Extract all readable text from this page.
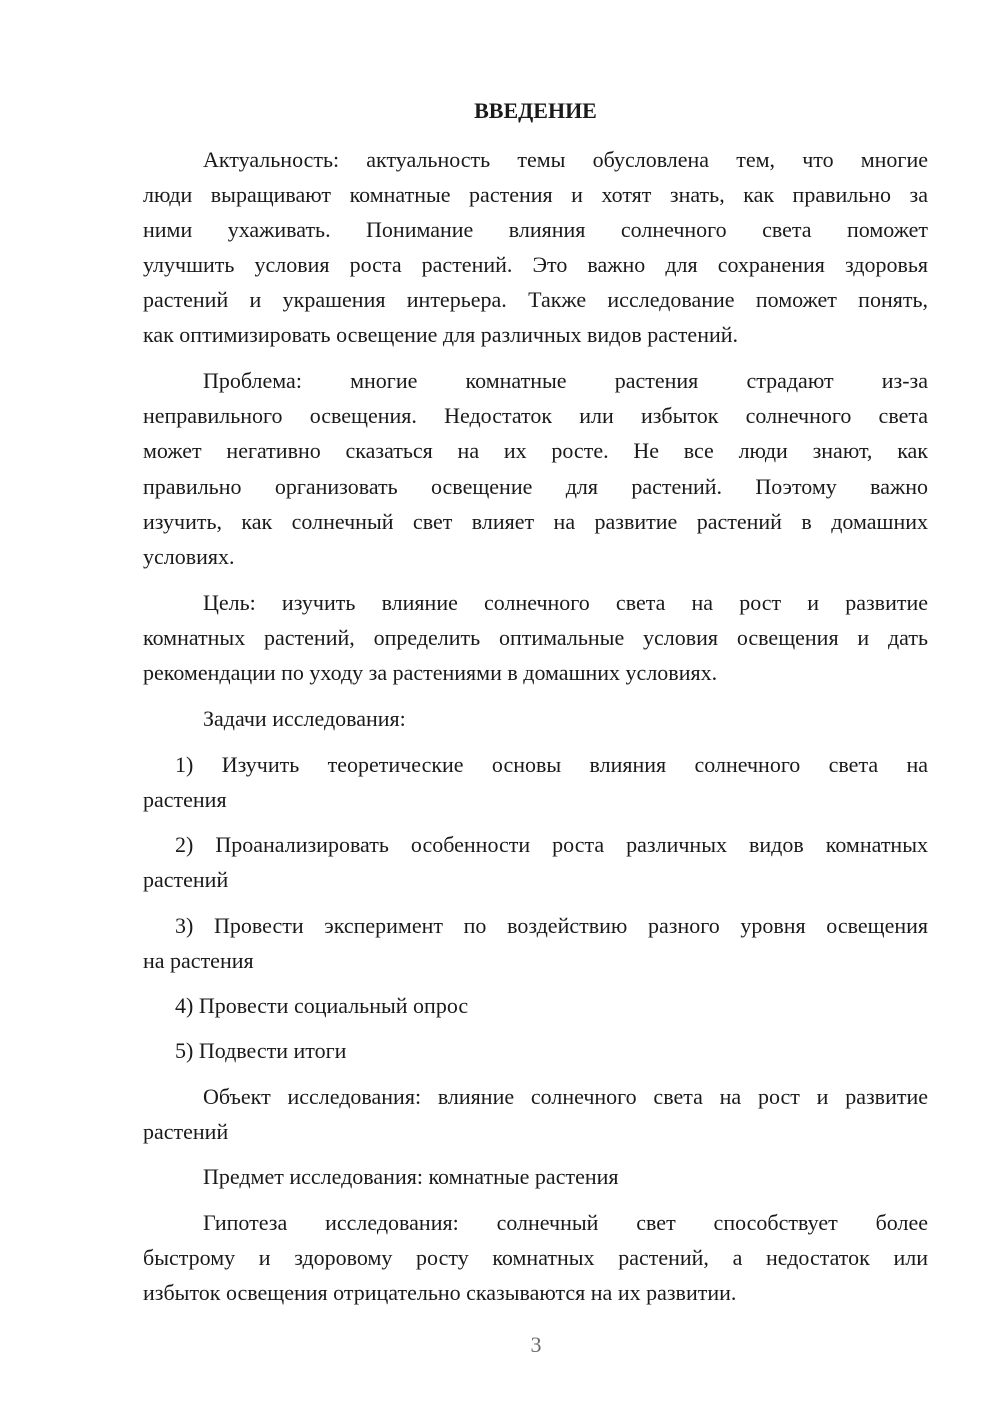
ВВЕДЕНИЕ
Актуальность: актуальность темы обусловлена тем, что многие
люди выращивают комнатные растения и хотят знать, как правильно за
ними ухаживать. Понимание влияния солнечного света поможет
улучшить условия роста растений. Это важно для сохранения здоровья
растений и украшения интерьера. Также исследование поможет понять,
как оптимизировать освещение для различных видов растений.
Проблема: многие комнатные растения страдают из-за
неправильного освещения. Недостаток или избыток солнечного света
может негативно сказаться на их росте. Не все люди знают, как
правильно организовать освещение для растений. Поэтому важно
изучить, как солнечный свет влияет на развитие растений в домашних
условиях.
Цель: изучить влияние солнечного света на рост и развитие
комнатных растений, определить оптимальные условия освещения и дать
рекомендации по уходу за растениями в домашних условиях.
Задачи исследования:
1) Изучить теоретические основы влияния солнечного света на
растения
2) Проанализировать особенности роста различных видов комнатных
растений
3) Провести эксперимент по воздействию разного уровня освещения
на растения
4) Провести социальный опрос
5) Подвести итоги
Объект исследования: влияние солнечного света на рост и развитие
растений
Предмет исследования: комнатные растения
Гипотеза исследования: солнечный свет способствует более
быстрому и здоровому росту комнатных растений, а недостаток или
избыток освещения отрицательно сказываются на их развитии.
3
